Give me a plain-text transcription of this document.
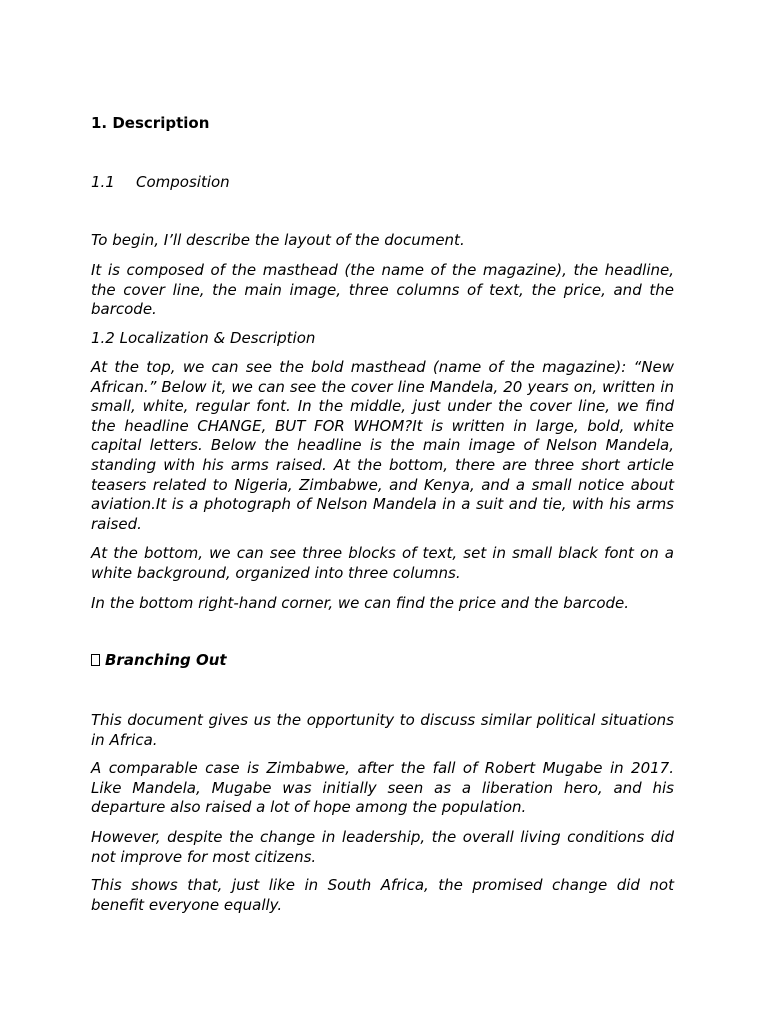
1. Description
1.1 Composition

To begin, I’ll describe the layout of the document.

It is composed of the masthead (the name of the magazine), the headline, the cover line, the main image, three columns of text, the price, and the barcode.

1.2 Localization & Description

At the top, we can see the bold masthead (name of the magazine): “New African.” Below it, we can see the cover line Mandela, 20 years on, written in small, white, regular font. In the middle, just under the cover line, we find the headline CHANGE, BUT FOR WHOM?It is written in large, bold, white capital letters. Below the headline is the main image of Nelson Mandela, standing with his arms raised. At the bottom, there are three short article teasers related to Nigeria, Zimbabwe, and Kenya, and a small notice about aviation.It is a photograph of Nelson Mandela in a suit and tie, with his arms raised.

At the bottom, we can see three blocks of text, set in small black font on a white background, organized into three columns.

In the bottom right-hand corner, we can find the price and the barcode.

Branching Out

This document gives us the opportunity to discuss similar political situations in Africa.

A comparable case is Zimbabwe, after the fall of Robert Mugabe in 2017. Like Mandela, Mugabe was initially seen as a liberation hero, and his departure also raised a lot of hope among the population.

However, despite the change in leadership, the overall living conditions did not improve for most citizens.

This shows that, just like in South Africa, the promised change did not benefit everyone equally.
